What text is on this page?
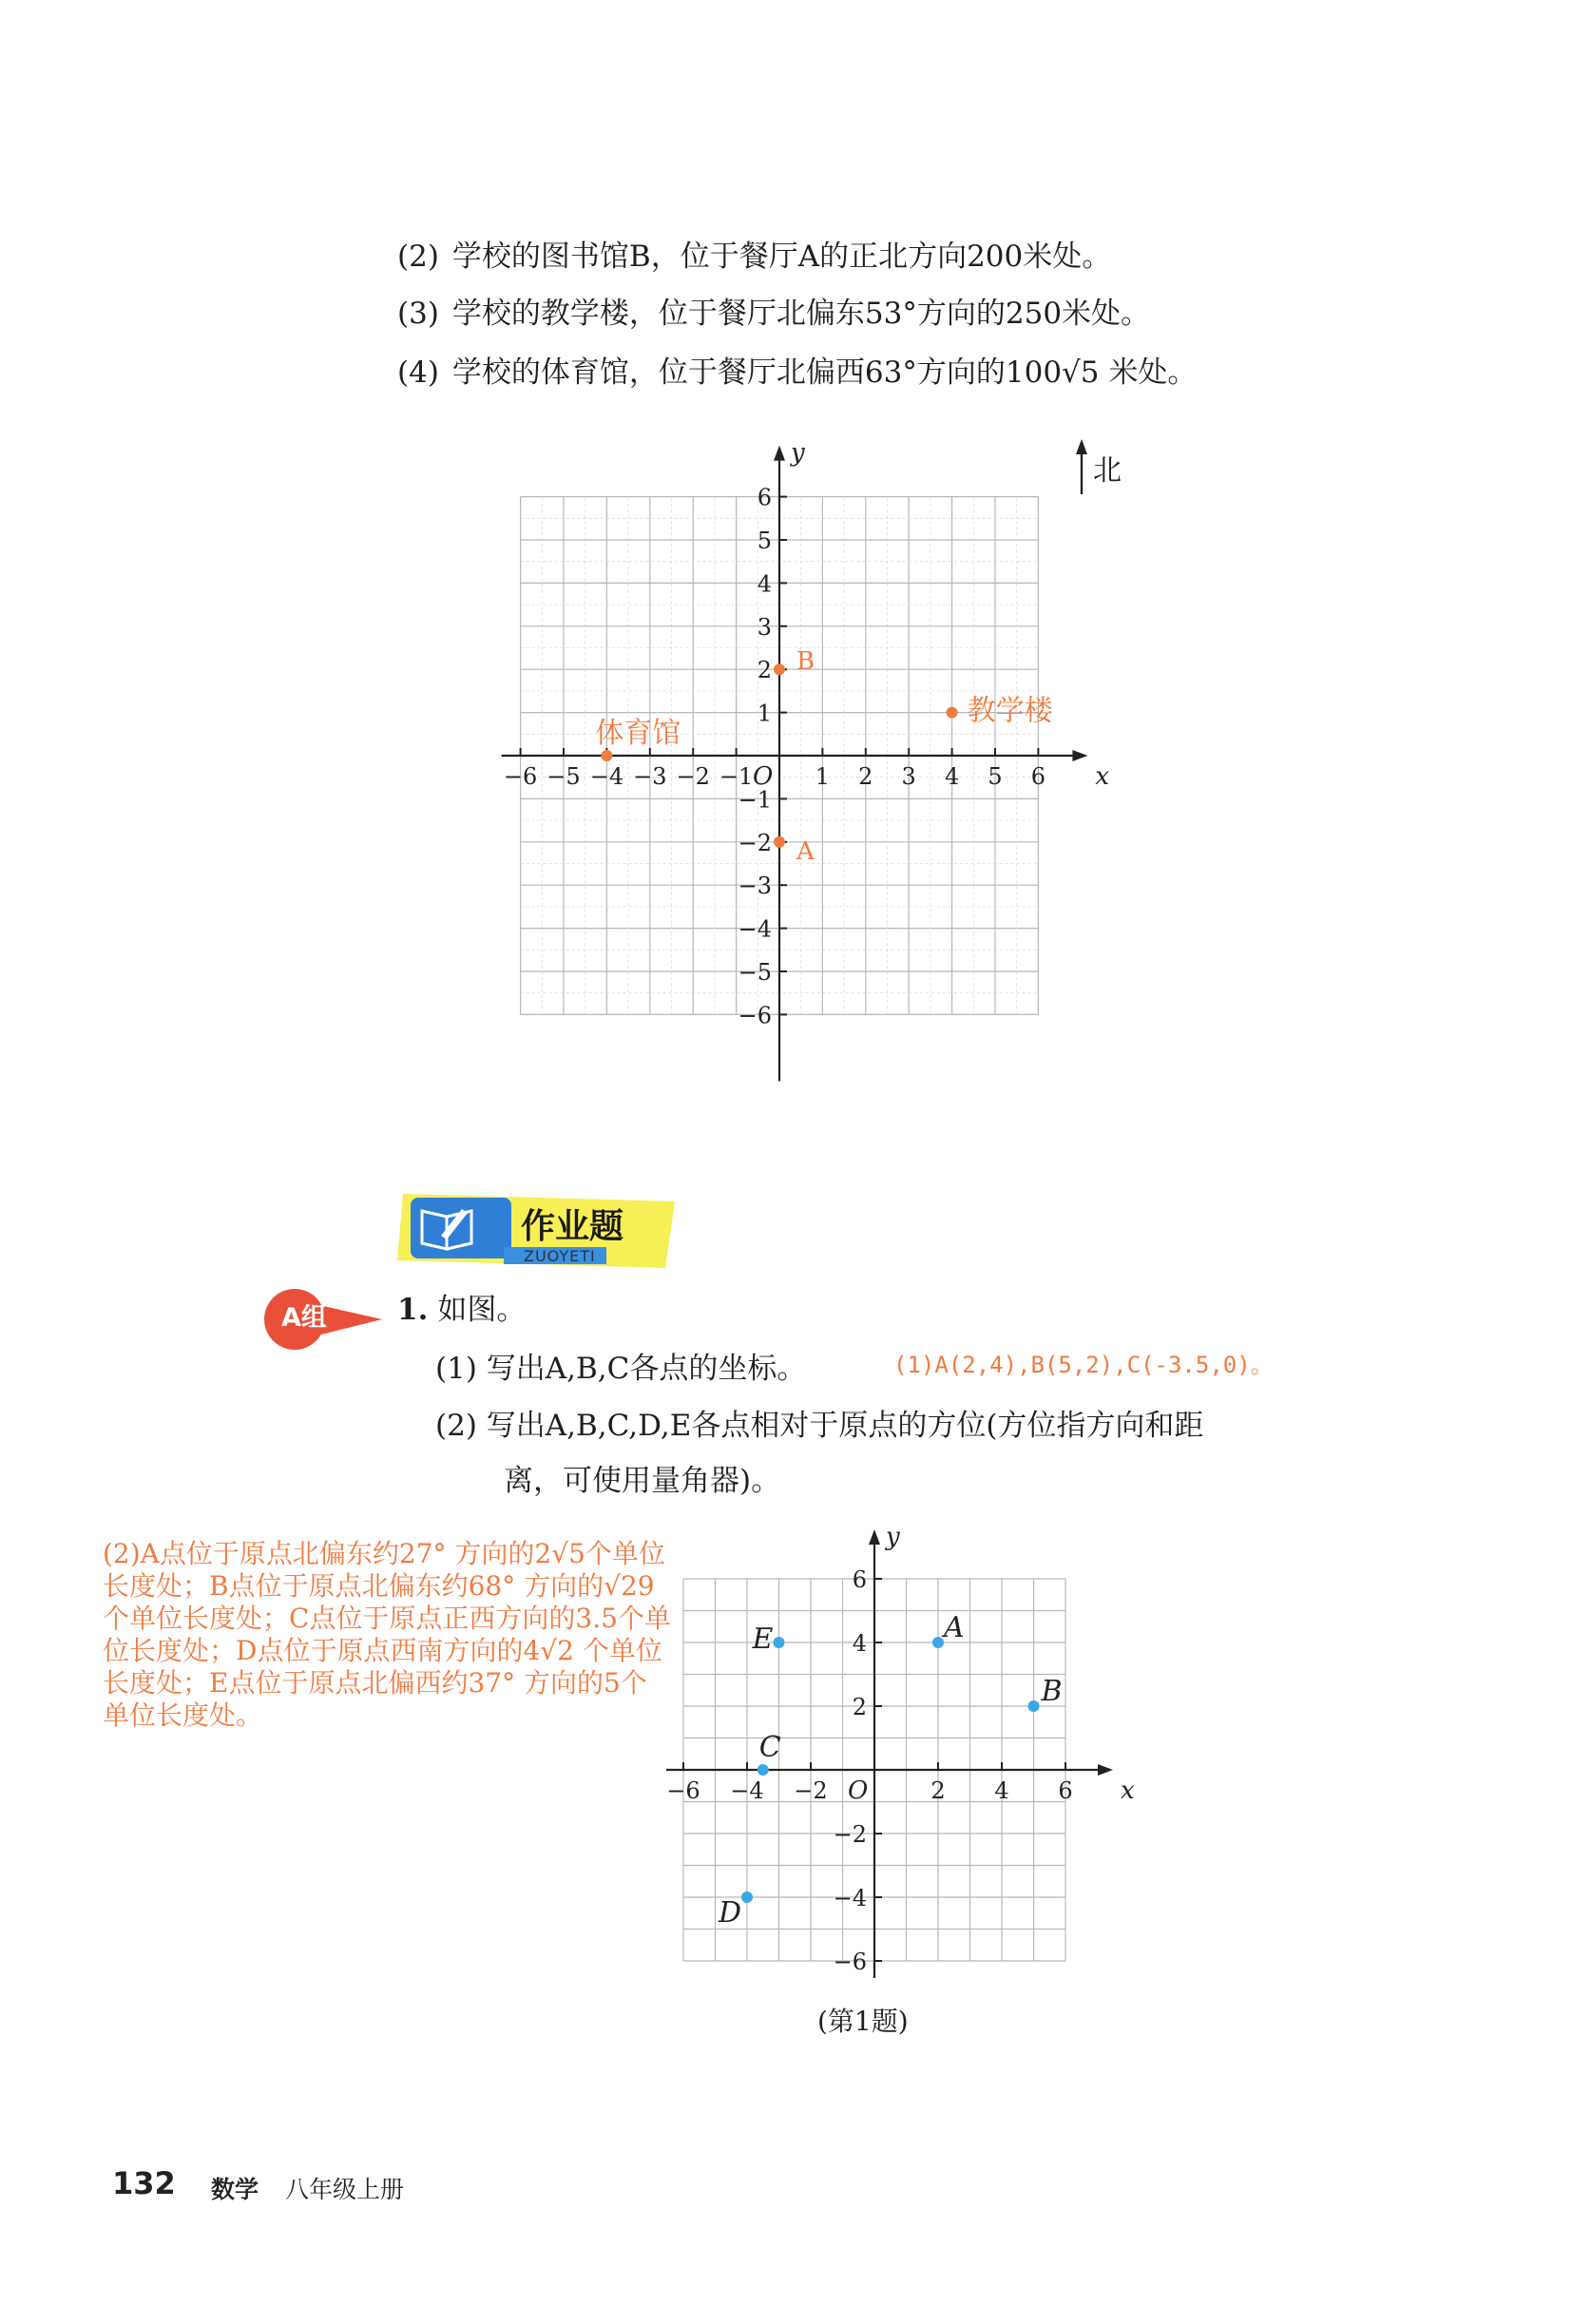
(2) 学校的图书馆B，位于餐厅A的正北方向200米处。
(3) 学校的教学楼，位于餐厅北偏东53°方向的250米处。
(4) 学校的体育馆，位于餐厅北偏西63°方向的100√5 米处。
x
y
O
−6
−6
−5
−5
−4
−4
−3
−3
−2
−2
−1
−1
1
1
2
2
3
3
4
4
5
5
6
6
B
A
教学楼
体育馆
北
作业题
ZUOYETI
A组 1. 如图。
(1) 写出A,B,C各点的坐标。	(1)A(2,4),B(5,2),C(-3.5,0)。
(2) 写出A,B,C,D,E各点相对于原点的方位(方位指方向和距
离，可使用量角器)。
(2)A点位于原点北偏东约27° 方向的2√5个单位长度处；B点位于原点北偏东约68° 方向的√29个单位长度处；C点位于原点正西方向的3.5个单位长度处；D点位于原点西南方向的4√2 个单位长度处；E点位于原点北偏西约37° 方向的5个单位长度处。
x
y
O
−6
−6
−4
−4
−2
−2
2
2
4
4
6
6
A
B
C
D
E
(第1题)
132 数学 八年级上册
